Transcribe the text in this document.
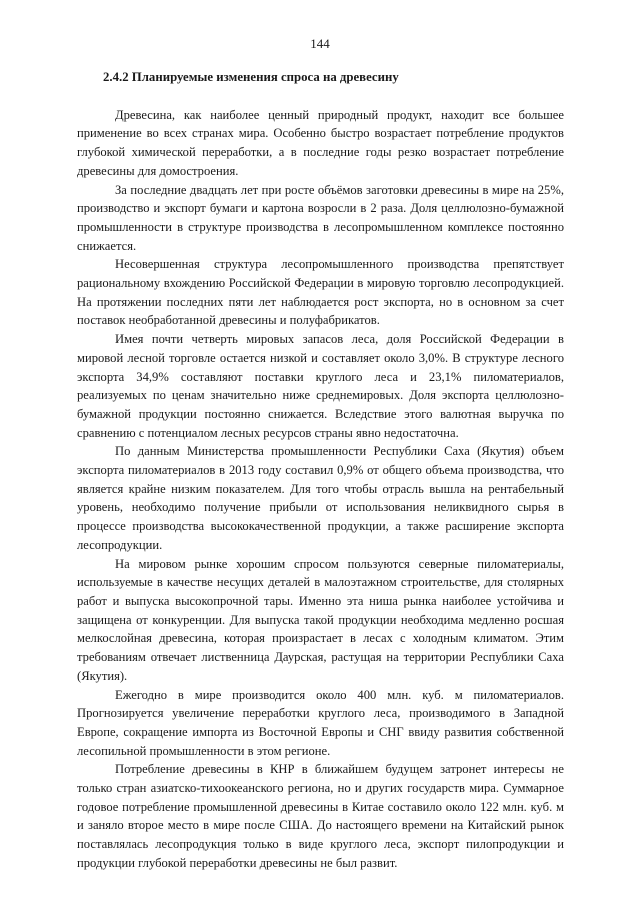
144
2.4.2 Планируемые изменения спроса на древесину

Древесина, как наиболее ценный природный продукт, находит все большее применение во всех странах мира. Особенно быстро возрастает потребление продуктов глубокой химической переработки, а в последние годы резко возрастает потребление древесины для домостроения.

За последние двадцать лет при росте объёмов заготовки древесины в мире на 25%, производство и экспорт бумаги и картона возросли в 2 раза. Доля целлюлозно-бумажной промышленности в структуре производства в лесопромышленном комплексе постоянно снижается.

Несовершенная структура лесопромышленного производства препятствует рациональному вхождению Российской Федерации в мировую торговлю лесопродукцией. На протяжении последних пяти лет наблюдается рост экспорта, но в основном за счет поставок необработанной древесины и полуфабрикатов.

Имея почти четверть мировых запасов леса, доля Российской Федерации в мировой лесной торговле остается низкой и составляет около 3,0%. В структуре лесного экспорта 34,9% составляют поставки круглого леса и 23,1% пиломатериалов, реализуемых по ценам значительно ниже среднемировых. Доля экспорта целлюлозно-бумажной продукции постоянно снижается. Вследствие этого валютная выручка по сравнению с потенциалом лесных ресурсов страны явно недостаточна.

По данным Министерства промышленности Республики Саха (Якутия) объем экспорта пиломатериалов в 2013 году составил 0,9% от общего объема производства, что является крайне низким показателем. Для того чтобы отрасль вышла на рентабельный уровень, необходимо получение прибыли от использования неликвидного сырья в процессе производства высококачественной продукции, а также расширение экспорта лесопродукции.

На мировом рынке хорошим спросом пользуются северные пиломатериалы, используемые в качестве несущих деталей в малоэтажном строительстве, для столярных работ и выпуска высокопрочной тары. Именно эта ниша рынка наиболее устойчива и защищена от конкуренции. Для выпуска такой продукции необходима медленно росшая мелкослойная древесина, которая произрастает в лесах с холодным климатом. Этим требованиям отвечает лиственница Даурская, растущая на территории Республики Саха (Якутия).

Ежегодно в мире производится около 400 млн. куб. м пиломатериалов. Прогнозируется увеличение переработки круглого леса, производимого в Западной Европе, сокращение импорта из Восточной Европы и СНГ ввиду развития собственной лесопильной промышленности в этом регионе.

Потребление древесины в КНР в ближайшем будущем затронет интересы не только стран азиатско-тихоокеанского региона, но и других государств мира. Суммарное годовое потребление промышленной древесины в Китае составило около 122 млн. куб. м и заняло второе место в мире после США. До настоящего времени на Китайский рынок поставлялась лесопродукция только в виде круглого леса, экспорт пилопродукции и продукции глубокой переработки древесины не был развит.
